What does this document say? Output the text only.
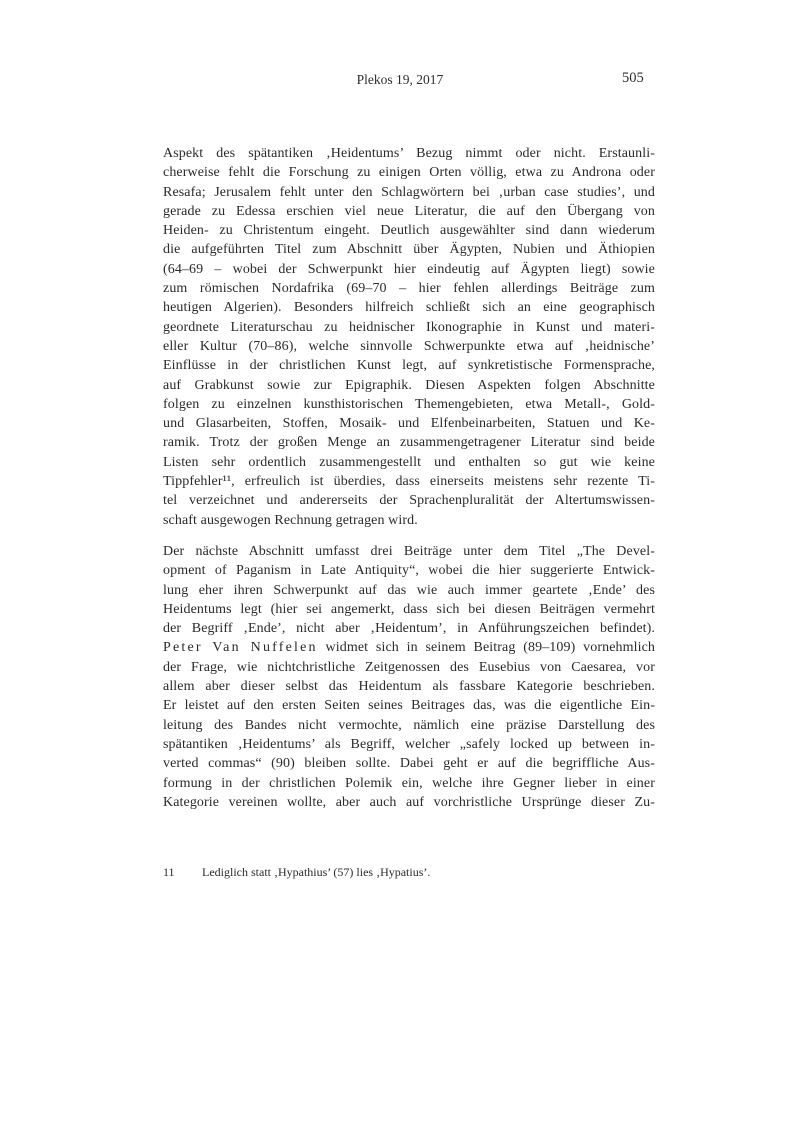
Plekos 19, 2017	505
Aspekt des spätantiken ‚Heidentums’ Bezug nimmt oder nicht. Erstaunli-
cherweise fehlt die Forschung zu einigen Orten völlig, etwa zu Androna oder
Resafa; Jerusalem fehlt unter den Schlagwörtern bei ‚urban case studies’, und
gerade zu Edessa erschien viel neue Literatur, die auf den Übergang von
Heiden- zu Christentum eingeht. Deutlich ausgewählter sind dann wiederum
die aufgeführten Titel zum Abschnitt über Ägypten, Nubien und Äthiopien
(64–69 – wobei der Schwerpunkt hier eindeutig auf Ägypten liegt) sowie
zum römischen Nordafrika (69–70 – hier fehlen allerdings Beiträge zum
heutigen Algerien). Besonders hilfreich schließt sich an eine geographisch
geordnete Literaturschau zu heidnischer Ikonographie in Kunst und materi-
eller Kultur (70–86), welche sinnvolle Schwerpunkte etwa auf ‚heidnische’
Einflüsse in der christlichen Kunst legt, auf synkretistische Formensprache,
auf Grabkunst sowie zur Epigraphik. Diesen Aspekten folgen Abschnitte
folgen zu einzelnen kunsthistorischen Themengebieten, etwa Metall-, Gold-
und Glasarbeiten, Stoffen, Mosaik- und Elfenbeinarbeiten, Statuen und Ke-
ramik. Trotz der großen Menge an zusammengetragener Literatur sind beide
Listen sehr ordentlich zusammengestellt und enthalten so gut wie keine
Tippfehler¹¹, erfreulich ist überdies, dass einerseits meistens sehr rezente Ti-
tel verzeichnet und andererseits der Sprachenpluralität der Altertumswissen-
schaft ausgewogen Rechnung getragen wird.
Der nächste Abschnitt umfasst drei Beiträge unter dem Titel „The Devel-
opment of Paganism in Late Antiquity“, wobei die hier suggerierte Entwick-
lung eher ihren Schwerpunkt auf das wie auch immer geartete ‚Ende’ des
Heidentums legt (hier sei angemerkt, dass sich bei diesen Beiträgen vermehrt
der Begriff ‚Ende’, nicht aber ‚Heidentum’, in Anführungszeichen befindet).
Peter Van Nuffelen widmet sich in seinem Beitrag (89–109) vornehmlich
der Frage, wie nichtchristliche Zeitgenossen des Eusebius von Caesarea, vor
allem aber dieser selbst das Heidentum als fassbare Kategorie beschrieben.
Er leistet auf den ersten Seiten seines Beitrages das, was die eigentliche Ein-
leitung des Bandes nicht vermochte, nämlich eine präzise Darstellung des
spätantiken ‚Heidentums’ als Begriff, welcher „safely locked up between in-
verted commas“ (90) bleiben sollte. Dabei geht er auf die begriffliche Aus-
formung in der christlichen Polemik ein, welche ihre Gegner lieber in einer
Kategorie vereinen wollte, aber auch auf vorchristliche Ursprünge dieser Zu-
11 Lediglich statt ‚Hypathius’ (57) lies ‚Hypatius’.
